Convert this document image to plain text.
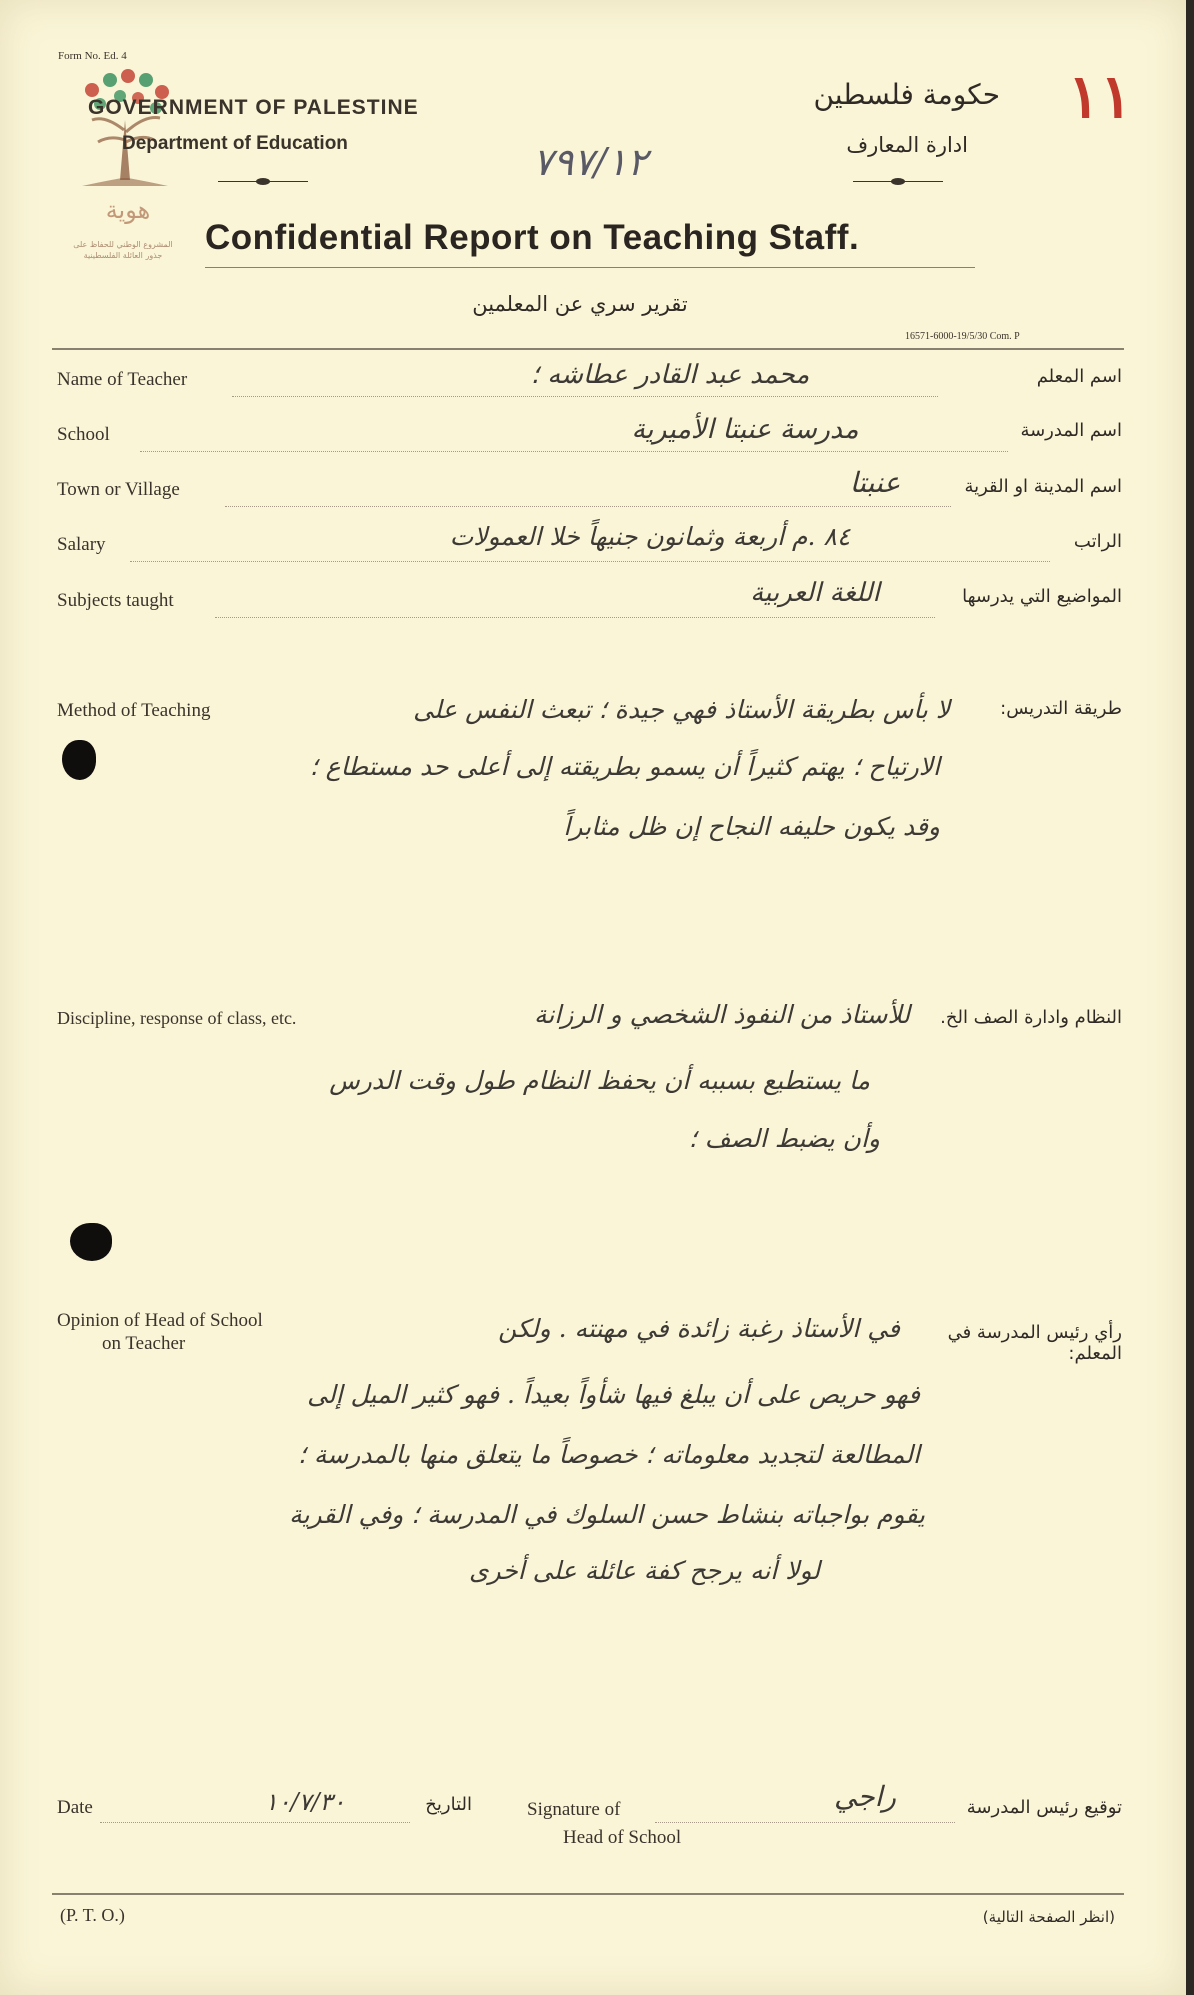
هوية
المشروع الوطني للحفاظ على
جذور العائلة الفلسطينية
Form No. Ed. 4
GOVERNMENT OF PALESTINE
Department of Education
حكومة فلسطين
ادارة المعارف
٧٩٧/١٢
١١
Confidential Report on Teaching Staff.
تقرير سري عن المعلمين
16571-6000-19/5/30 Com. P
Name of Teacher	محمد عبد القادر عطاشه ؛	اسم المعلم
School	مدرسة عنبتا الأميرية	اسم المدرسة
Town or Village	عنبتا	اسم المدينة او القرية
Salary	٨٤ .م أربعة وثمانون جنيهاً خلا العمولات	الراتب
Subjects taught	اللغة العربية	المواضيع التي يدرسها
Method of Teaching	طريقة التدريس:
لا بأس بطريقة الأستاذ فهي جيدة ؛ تبعث النفس على
الارتياح ؛ يهتم كثيراً أن يسمو بطريقته إلى أعلى حد مستطاع ؛
وقد يكون حليفه النجاح إن ظل مثابراً
Discipline, response of class, etc.	النظام وادارة الصف الخ.
للأستاذ من النفوذ الشخصي و الرزانة
ما يستطيع بسببه أن يحفظ النظام طول وقت الدرس
وأن يضبط الصف ؛
Opinion of Head of School
on Teacher
رأي رئيس المدرسة في المعلم:
في الأستاذ رغبة زائدة في مهنته . ولكن
فهو حريص على أن يبلغ فيها شأواً بعيداً . فهو كثير الميل إلى
المطالعة لتجديد معلوماته ؛ خصوصاً ما يتعلق منها بالمدرسة ؛
يقوم بواجباته بنشاط حسن السلوك في المدرسة ؛ وفي القرية
لولا أنه يرجح كفة عائلة على أخرى
Date	١٠/٧/٣٠	التاريخ	Signature of
Head of School
راجي	توقيع رئيس المدرسة
(P. T. O.)	(انظر الصفحة التالية)
